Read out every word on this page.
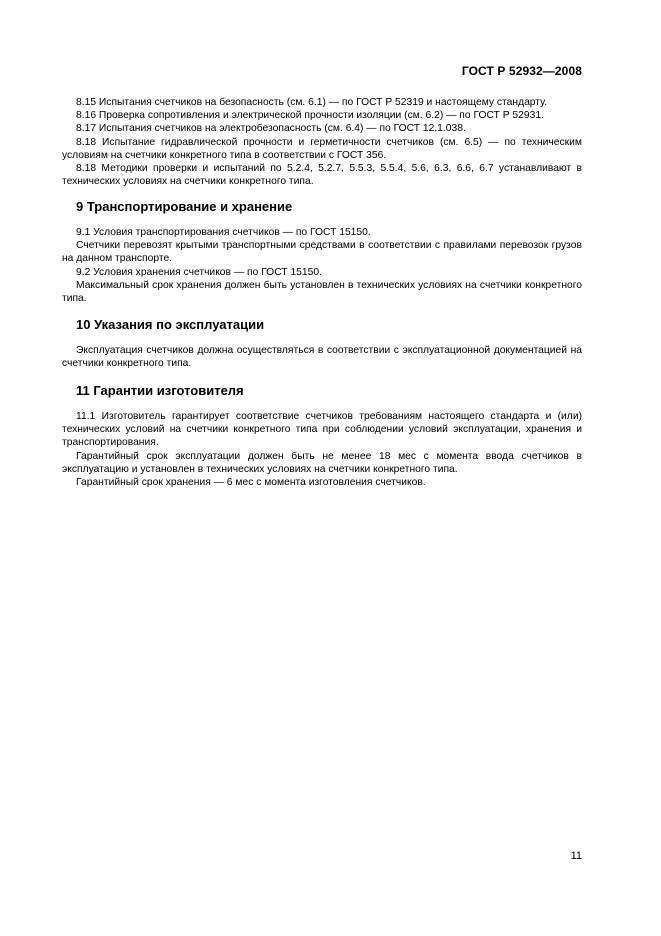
ГОСТ Р 52932—2008

8.15 Испытания счетчиков на безопасность (см. 6.1) — по ГОСТ Р 52319 и настоящему стандарту.

8.16 Проверка сопротивления и электрической прочности изоляции (см. 6.2) — по ГОСТ Р 52931.

8.17 Испытания счетчиков на электробезопасность (см. 6.4) — по ГОСТ 12.1.038.

8.18 Испытание гидравлической прочности и герметичности счетчиков (см. 6.5) — по техническим условиям на счетчики конкретного типа в соответствии с ГОСТ 356.

8.18 Методики проверки и испытаний по 5.2.4, 5.2.7, 5.5.3, 5.5.4, 5.6, 6.3, 6.6, 6.7 устанавливают в технических условиях на счетчики конкретного типа.

9 Транспортирование и хранение

9.1 Условия транспортирования счетчиков — по ГОСТ 15150.

Счетчики перевозят крытыми транспортными средствами в соответствии с правилами перевозок грузов на данном транспорте.

9.2 Условия хранения счетчиков — по ГОСТ 15150.

Максимальный срок хранения должен быть установлен в технических условиях на счетчики конкретного типа.

10 Указания по эксплуатации

Эксплуатация счетчиков должна осуществляться в соответствии с эксплуатационной документацией на счетчики конкретного типа.

11 Гарантии изготовителя

11.1 Изготовитель гарантирует соответствие счетчиков требованиям настоящего стандарта и (или) технических условий на счетчики конкретного типа при соблюдении условий эксплуатации, хранения и транспортирования.

Гарантийный срок эксплуатации должен быть не менее 18 мес с момента ввода счетчиков в эксплуатацию и установлен в технических условиях на счетчики конкретного типа.

Гарантийный срок хранения — 6 мес с момента изготовления счетчиков.

11
